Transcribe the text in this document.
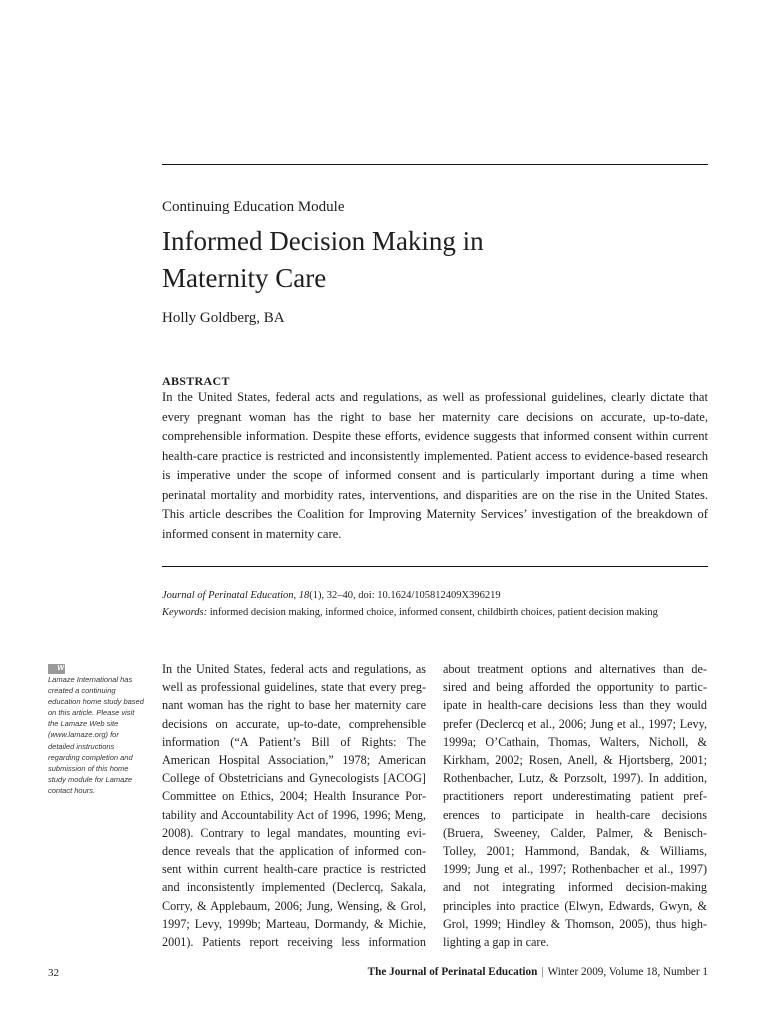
Continuing Education Module
Informed Decision Making in
Maternity Care
Holly Goldberg, BA
ABSTRACT
In the United States, federal acts and regulations, as well as professional guidelines, clearly dictate that every pregnant woman has the right to base her maternity care decisions on accurate, up-to-date, comprehensible information. Despite these efforts, evidence suggests that informed consent within current health-care practice is restricted and inconsistently implemented. Patient access to evidence-based research is imperative under the scope of informed consent and is particularly important during a time when perinatal mortality and morbidity rates, interventions, and disparities are on the rise in the United States. This article describes the Coalition for Improving Maternity Services’ investigation of the breakdown of informed consent in maternity care.
Journal of Perinatal Education, 18(1), 32–40, doi: 10.1624/105812409X396219
Keywords: informed decision making, informed choice, informed consent, childbirth choices, patient decision making
W
Lamaze International has
created a continuing
education home study based
on this article. Please visit
the Lamaze Web site
(www.lamaze.org) for
detailed instructions
regarding completion and
submission of this home
study module for Lamaze
contact hours.
In the United States, federal acts and regulations, as
well as professional guidelines, state that every preg-
nant woman has the right to base her maternity care
decisions on accurate, up-to-date, comprehensible
information (“A Patient’s Bill of Rights: The
American Hospital Association,” 1978; American
College of Obstetricians and Gynecologists [ACOG]
Committee on Ethics, 2004; Health Insurance Por-
tability and Accountability Act of 1996, 1996; Meng,
2008). Contrary to legal mandates, mounting evi-
dence reveals that the application of informed con-
sent within current health-care practice is restricted
and inconsistently implemented (Declercq, Sakala,
Corry, & Applebaum, 2006; Jung, Wensing, & Grol,
1997; Levy, 1999b; Marteau, Dormandy, & Michie,
2001). Patients report receiving less information
about treatment options and alternatives than de-
sired and being afforded the opportunity to partic-
ipate in health-care decisions less than they would
prefer (Declercq et al., 2006; Jung et al., 1997; Levy,
1999a; O’Cathain, Thomas, Walters, Nicholl, &
Kirkham, 2002; Rosen, Anell, & Hjortsberg, 2001;
Rothenbacher, Lutz, & Porzsolt, 1997). In addition,
practitioners report underestimating patient pref-
erences to participate in health-care decisions
(Bruera, Sweeney, Calder, Palmer, & Benisch-
Tolley, 2001; Hammond, Bandak, & Williams,
1999; Jung et al., 1997; Rothenbacher et al., 1997)
and not integrating informed decision-making
principles into practice (Elwyn, Edwards, Gwyn, &
Grol, 1999; Hindley & Thomson, 2005), thus high-
lighting a gap in care.
32	The Journal of Perinatal Education | Winter 2009, Volume 18, Number 1
